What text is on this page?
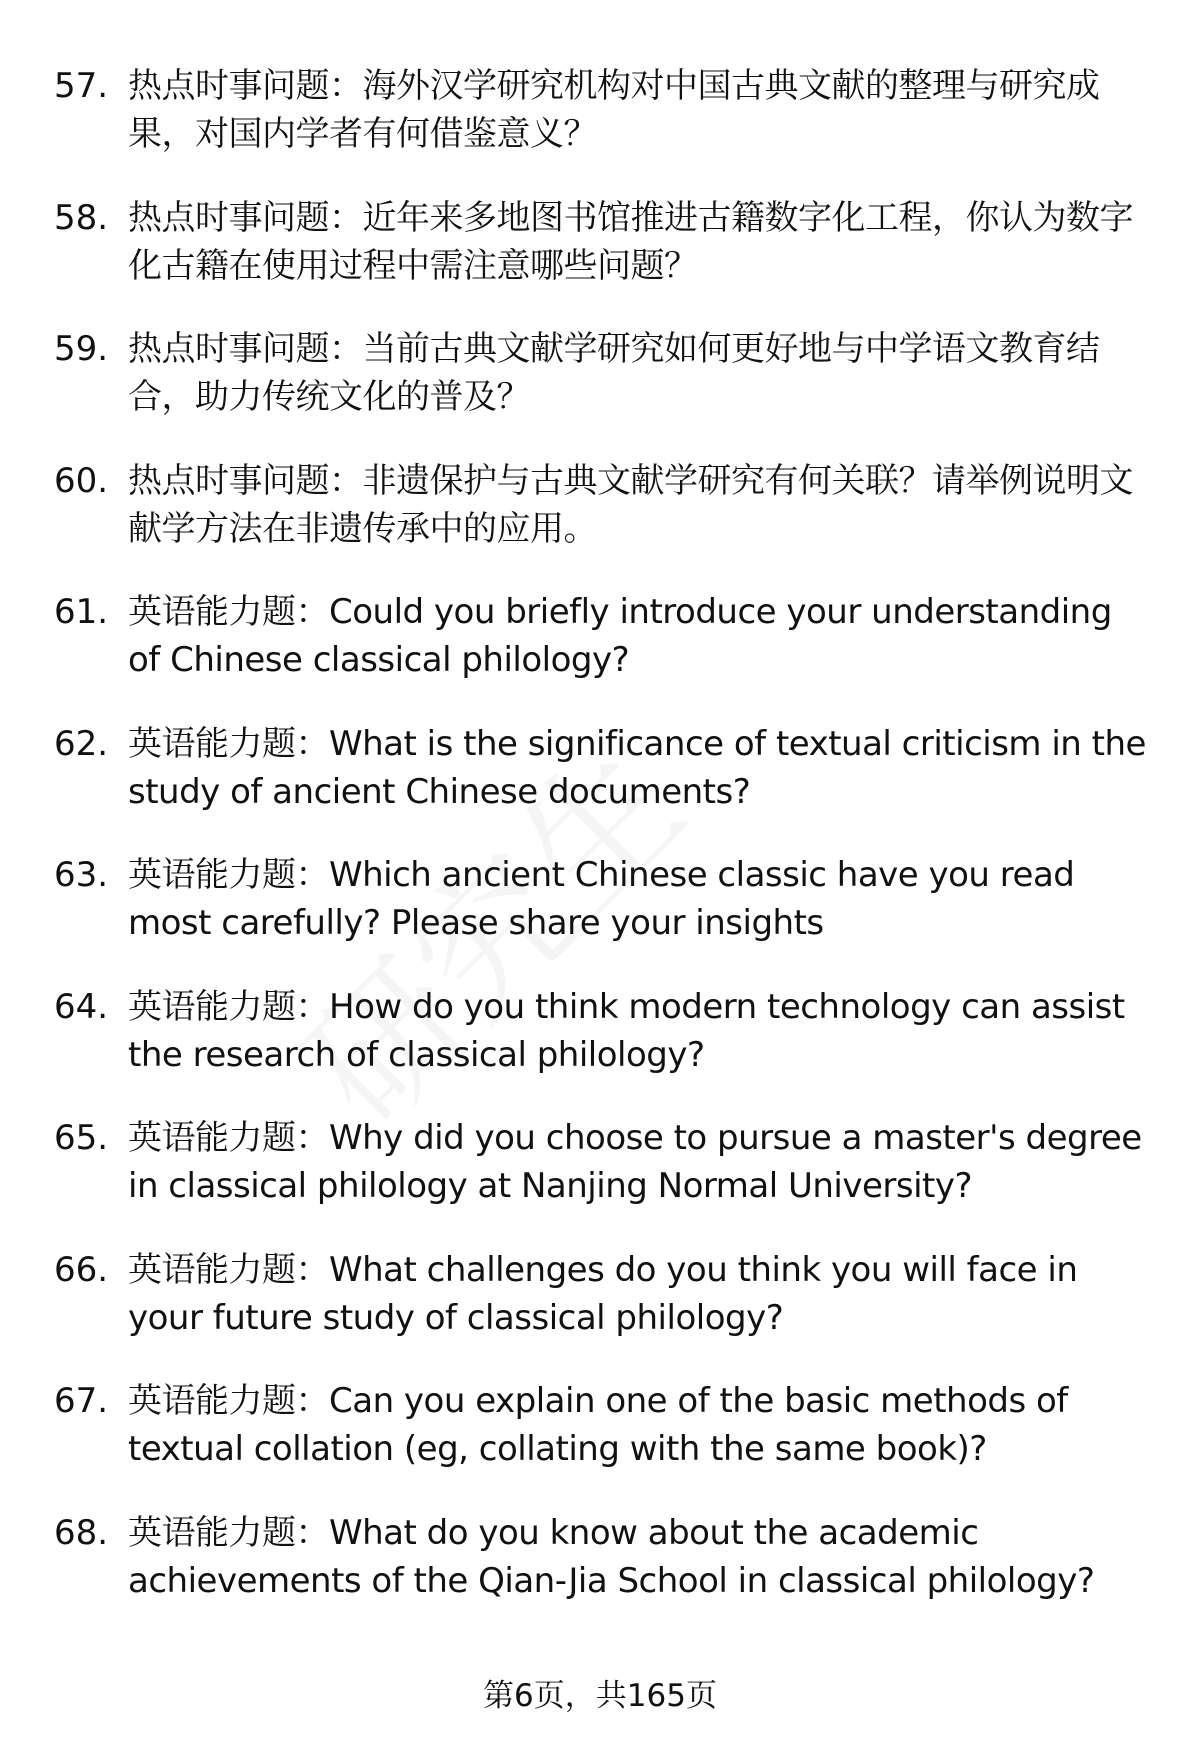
57. 热点时事问题：海外汉学研究机构对中国古典文献的整理与研究成果，对国内学者有何借鉴意义？
58. 热点时事问题：近年来多地图书馆推进古籍数字化工程，你认为数字化古籍在使用过程中需注意哪些问题？
59. 热点时事问题：当前古典文献学研究如何更好地与中学语文教育结合，助力传统文化的普及？
60. 热点时事问题：非遗保护与古典文献学研究有何关联？请举例说明文献学方法在非遗传承中的应用。
61. 英语能力题：Could you briefly introduce your understanding of Chinese classical philology?
62. 英语能力题：What is the significance of textual criticism in the study of ancient Chinese documents?
63. 英语能力题：Which ancient Chinese classic have you read most carefully? Please share your insights
64. 英语能力题：How do you think modern technology can assist the research of classical philology?
65. 英语能力题：Why did you choose to pursue a master's degree in classical philology at Nanjing Normal University?
66. 英语能力题：What challenges do you think you will face in your future study of classical philology?
67. 英语能力题：Can you explain one of the basic methods of textual collation (eg, collating with the same book)?
68. 英语能力题：What do you know about the academic achievements of the Qian-Jia School in classical philology?
第6页，共165页
